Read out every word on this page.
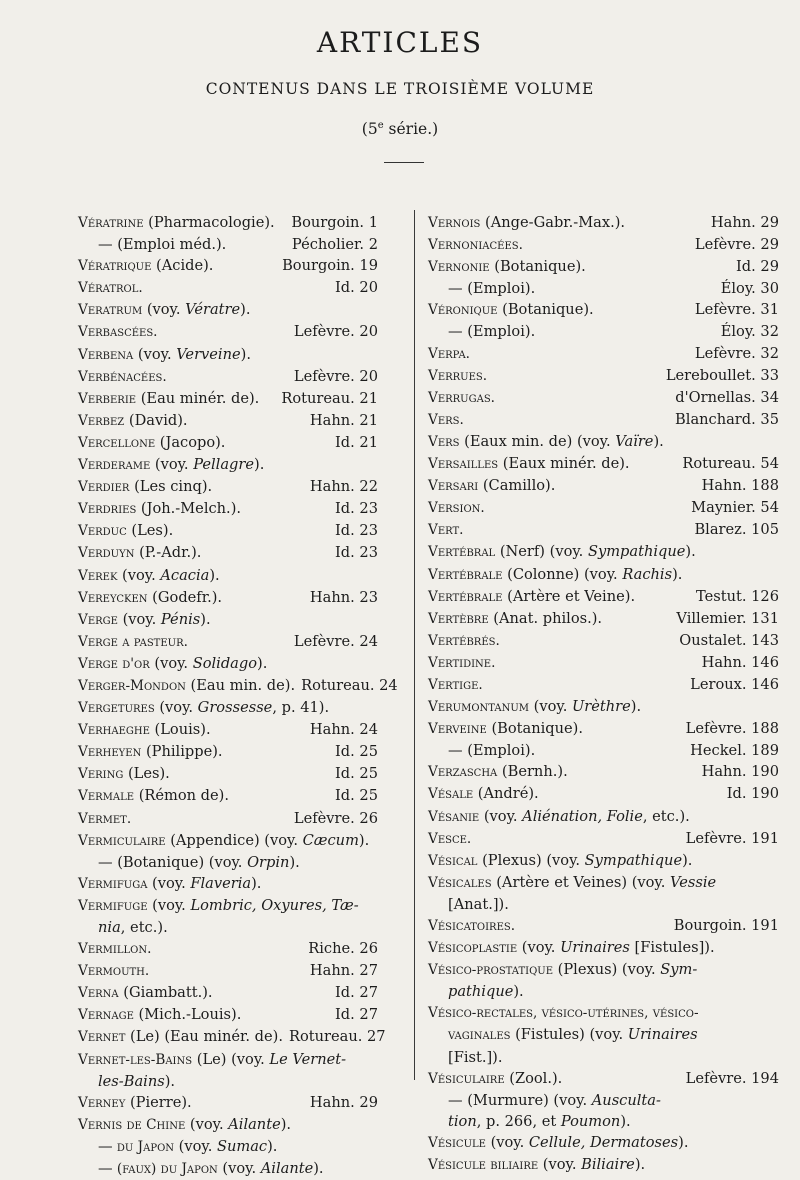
ARTICLES
CONTENUS DANS LE TROISIÈME VOLUME
(5e série.)
Vératrine (Pharmacologie).	Bourgoin. 1
— (Emploi méd.).	Pécholier. 2
Vératrique (Acide).	Bourgoin. 19
Vératrol.	Id. 20
Veratrum (voy. Vératre).
Verbascées.	Lefèvre. 20
Verbena (voy. Verveine).
Verbénacées.	Lefèvre. 20
Verberie (Eau minér. de).	Rotureau. 21
Verbez (David).	Hahn. 21
Vercellone (Jacopo).	Id. 21
Verderame (voy. Pellagre).
Verdier (Les cinq).	Hahn. 22
Verdries (Joh.-Melch.).	Id. 23
Verduc (Les).	Id. 23
Verduyn (P.-Adr.).	Id. 23
Verek (voy. Acacia).
Vereycken (Godefr.).	Hahn. 23
Verge (voy. Pénis).
Verge a pasteur.	Lefèvre. 24
Verge d'or (voy. Solidago).
Verger-Mondon (Eau min. de). Rotureau. 24
Vergetures (voy. Grossesse, p. 41).
Verhaeghe (Louis).	Hahn. 24
Verheyen (Philippe).	Id. 25
Vering (Les).	Id. 25
Vermale (Rémon de).	Id. 25
Vermet.	Lefèvre. 26
Vermiculaire (Appendice) (voy. Cæcum).
— (Botanique) (voy. Orpin).
Vermifuga (voy. Flaveria).
Vermifuge (voy. Lombric, Oxyures, Tæ-
nia, etc.).
Vermillon.	Riche. 26
Vermouth.	Hahn. 27
Verna (Giambatt.).	Id. 27
Vernage (Mich.-Louis).	Id. 27
Vernet (Le) (Eau minér. de). Rotureau. 27
Vernet-les-Bains (Le) (voy. Le Vernet-
les-Bains).
Verney (Pierre).	Hahn. 29
Vernis de Chine (voy. Ailante).
— du Japon (voy. Sumac).
— (faux) du Japon (voy. Ailante).
Vernois (Ange-Gabr.-Max.).	Hahn. 29
Vernoniacées.	Lefèvre. 29
Vernonie (Botanique).	Id. 29
— (Emploi).	Éloy. 30
Véronique (Botanique).	Lefèvre. 31
— (Emploi).	Éloy. 32
Verpa.	Lefèvre. 32
Verrues.	Lereboullet. 33
Verrugas.	d'Ornellas. 34
Vers.	Blanchard. 35
Vers (Eaux min. de) (voy. Vaïre).
Versailles (Eaux minér. de).	Rotureau. 54
Versari (Camillo).	Hahn. 188
Version.	Maynier. 54
Vert.	Blarez. 105
Vertébral (Nerf) (voy. Sympathique).
Vertébrale (Colonne) (voy. Rachis).
Vertébrale (Artère et Veine).	Testut. 126
Vertèbre (Anat. philos.).	Villemier. 131
Vertébrés.	Oustalet. 143
Vertidine.	Hahn. 146
Vertige.	Leroux. 146
Verumontanum (voy. Urèthre).
Verveine (Botanique).	Lefèvre. 188
— (Emploi).	Heckel. 189
Verzascha (Bernh.).	Hahn. 190
Vésale (André).	Id. 190
Vésanie (voy. Aliénation, Folie, etc.).
Vesce.	Lefèvre. 191
Vésical (Plexus) (voy. Sympathique).
Vésicales (Artère et Veines) (voy. Vessie
[Anat.]).
Vésicatoires.	Bourgoin. 191
Vésicoplastie (voy. Urinaires [Fistules]).
Vésico-prostatique (Plexus) (voy. Sym-
pathique).
Vésico-rectales, vésico-utérines, vésico-
vaginales (Fistules) (voy. Urinaires
[Fist.]).
Vésiculaire (Zool.).	Lefèvre. 194
— (Murmure) (voy. Ausculta-
tion, p. 266, et Poumon).
Vésicule (voy. Cellule, Dermatoses).
Vésicule biliaire (voy. Biliaire).
